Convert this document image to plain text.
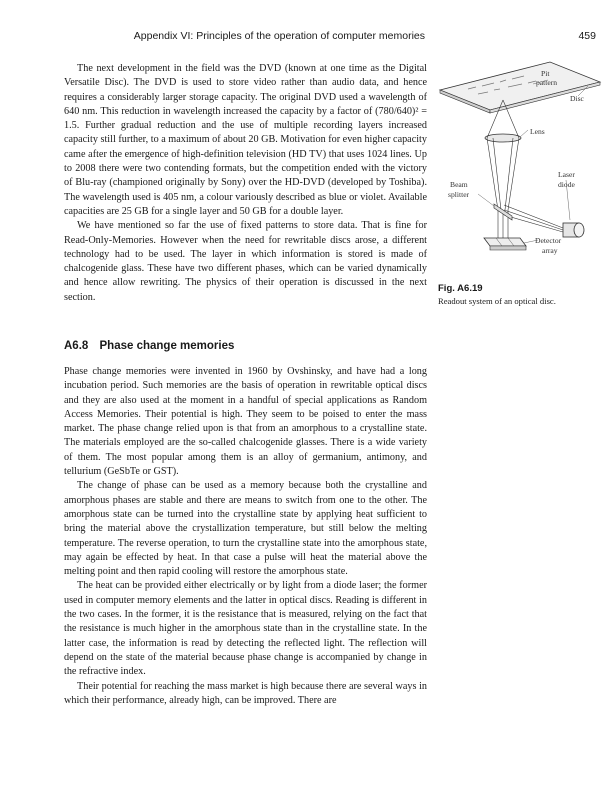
Appendix VI: Principles of the operation of computer memories	459

The next development in the field was the DVD (known at one time as the Digital Versatile Disc). The DVD is used to store video rather than audio data, and hence requires a considerably larger storage capacity. The original DVD used a wavelength of 640 nm. This reduction in wavelength increased the capacity by a factor of (780/640)² = 1.5. Further gradual reduction and the use of multiple recording layers increased capacity still further, to a maximum of about 20 GB. Motivation for even higher capacity came after the emergence of high-definition television (HD TV) that uses 1024 lines. Up to 2008 there were two contending formats, but the competition ended with the victory of Blu-ray (championed originally by Sony) over the HD-DVD (developed by Toshiba). The wavelength used is 405 nm, a colour variously described as blue or violet. Available capacities are 25 GB for a single layer and 50 GB for a double layer.

We have mentioned so far the use of fixed patterns to store data. That is fine for Read-Only-Memories. However when the need for rewritable discs arose, a different technology had to be used. The layer in which information is stored is made of chalcogenide glass. These have two different phases, which can be varied dynamically and hence allow rewriting. The physics of their operation is discussed in the next section.

A6.8 Phase change memories

Phase change memories were invented in 1960 by Ovshinsky, and have had a long incubation period. Such memories are the basis of operation in rewritable optical discs and they are also used at the moment in a handful of special applications as Random Access Memories. Their potential is high. They seem to be poised to enter the mass market. The phase change relied upon is that from an amorphous to a crystalline state. The materials employed are the so-called chalcogenide glasses. There is a wide variety of them. The most popular among them is an alloy of germanium, antimony, and tellurium (GeSbTe or GST).

The change of phase can be used as a memory because both the crystalline and amorphous phases are stable and there are means to switch from one to the other. The amorphous state can be turned into the crystalline state by applying heat sufficient to bring the material above the crystallization temperature, but still below the melting temperature. The reverse operation, to turn the crystalline state into the amorphous state, may again be effected by heat. In that case a pulse will heat the material above the melting point and then rapid cooling will restore the amorphous state.

The heat can be provided either electrically or by light from a diode laser; the former used in computer memory elements and the latter in optical discs. Reading is different in the two cases. In the former, it is the resistance that is measured, relying on the fact that the resistance is much higher in the amorphous state than in the crystalline state. In the latter case, the information is read by detecting the reflected light. The reflection will depend on the state of the material because phase change is accompanied by change in the refractive index.

Their potential for reaching the mass market is high because there are several ways in which their performance, already high, can be improved. There are

Pit
pattern
Disc
Lens
Laser
diode
Beam
splitter
Detector
array
Fig. A6.19
Readout system of an optical disc.
